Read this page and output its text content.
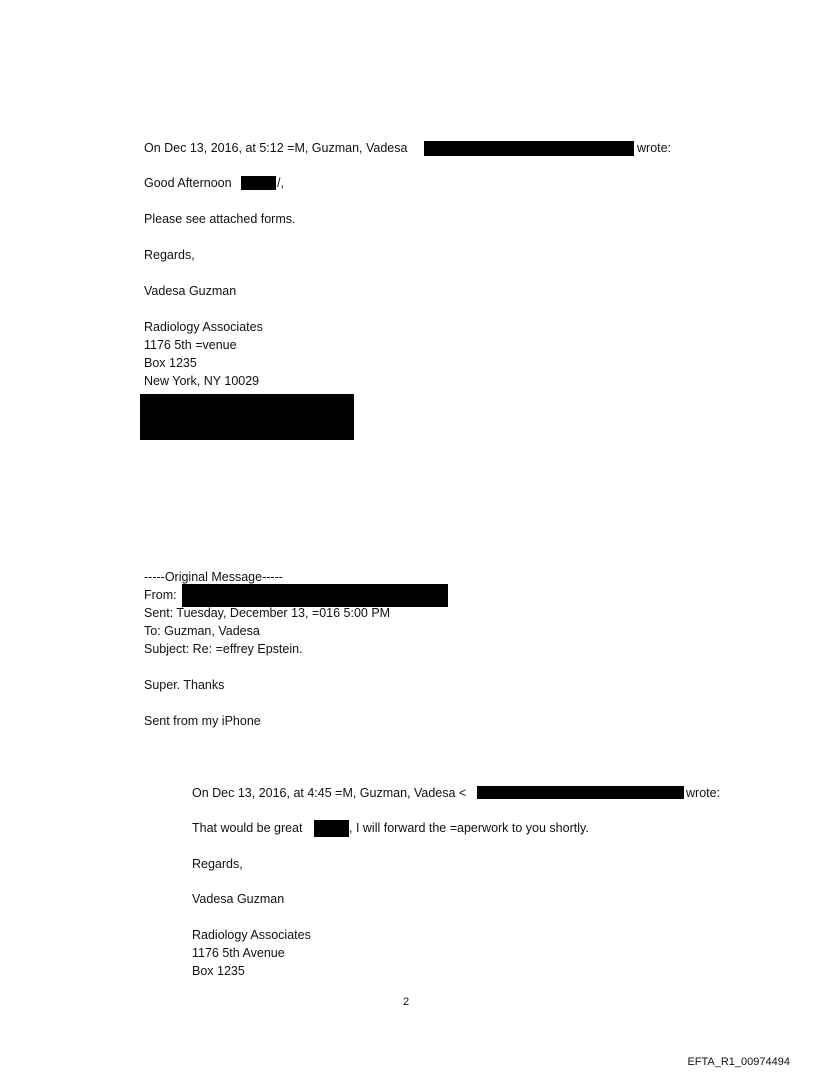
On Dec 13, 2016, at 5:12 =M, Guzman, Vadesa	wrote:
Good Afternoon	/,
Please see attached forms.
Regards,
Vadesa Guzman
Radiology Associates
1176 5th =venue
Box 1235
New York, NY 10029
-----Original Message-----
From:
Sent: Tuesday, December 13, =016 5:00 PM
To: Guzman, Vadesa
Subject: Re: =effrey Epstein.
Super. Thanks
Sent from my iPhone
On Dec 13, 2016, at 4:45 =M, Guzman, Vadesa <	wrote:
That would be great	, I will forward the =aperwork to you shortly.
Regards,
Vadesa Guzman
Radiology Associates
1176 5th Avenue
Box 1235
2
EFTA_R1_00974494
